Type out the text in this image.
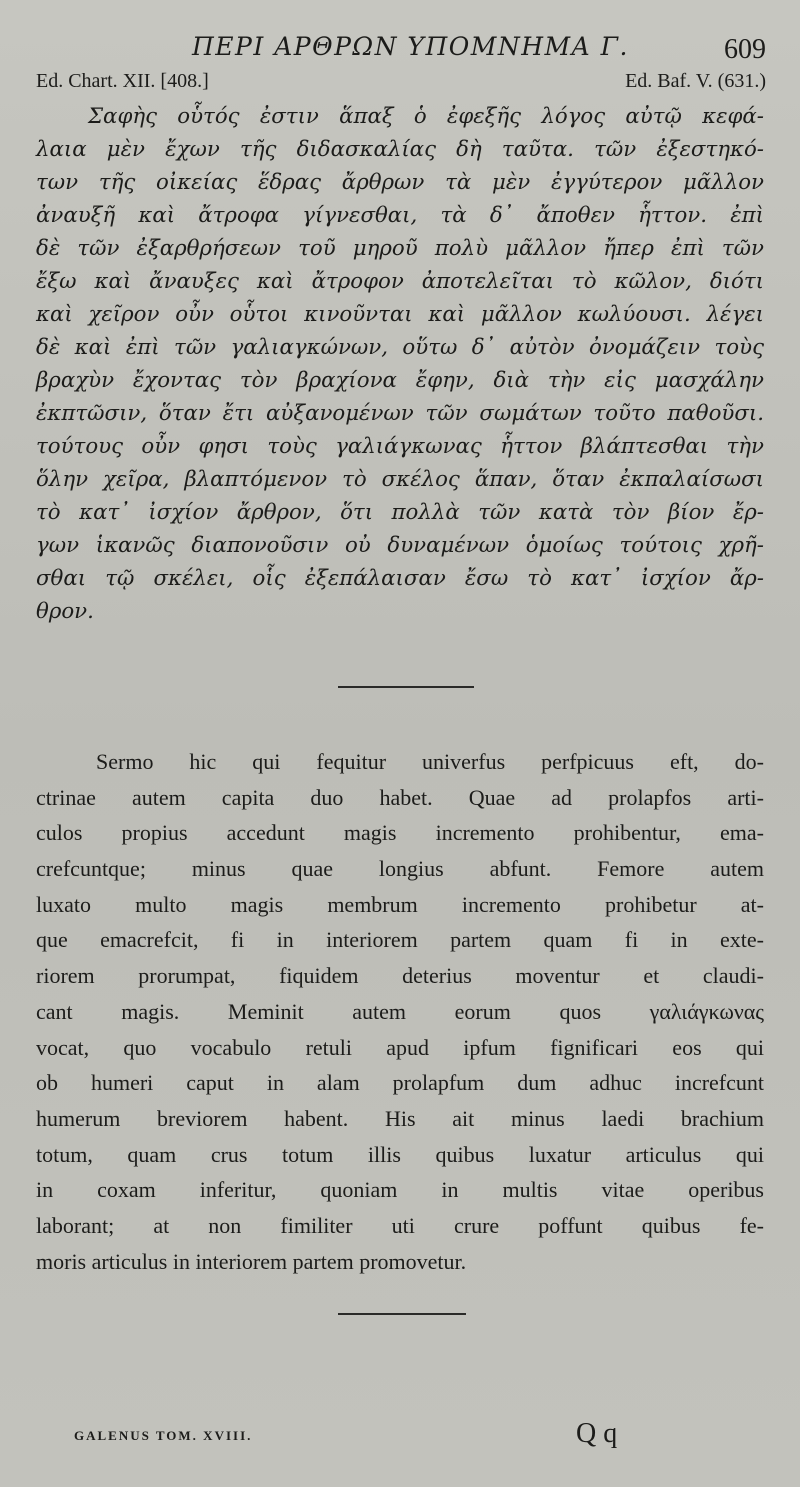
ΠΕΡΙ ΑΡΘΡΩΝ ΥΠΟΜΝΗΜΑ Γ.	609
Ed. Chart. XII. [408.]	Ed. Baf. V. (631.)
Σαφὴς οὗτός ἐστιν ἅπαξ ὁ ἐφεξῆς λόγος αὐτῷ κεφά-
λαια μὲν ἔχων τῆς διδασκαλίας δὴ ταῦτα. τῶν ἐξεστηκό-
των τῆς οἰκείας ἕδρας ἄρθρων τὰ μὲν ἐγγύτερον μᾶλλον
ἀναυξῆ καὶ ἄτροφα γίγνεσθαι, τὰ δ᾽ ἄποθεν ἧττον. ἐπὶ
δὲ τῶν ἐξαρθρήσεων τοῦ μηροῦ πολὺ μᾶλλον ἤπερ ἐπὶ τῶν
ἔξω καὶ ἄναυξες καὶ ἄτροφον ἀποτελεῖται τὸ κῶλον, διότι
καὶ χεῖρον οὖν οὗτοι κινοῦνται καὶ μᾶλλον κωλύουσι. λέγει
δὲ καὶ ἐπὶ τῶν γαλιαγκώνων, οὕτω δ᾽ αὐτὸν ὀνομάζειν τοὺς
βραχὺν ἔχοντας τὸν βραχίονα ἔφην, διὰ τὴν εἰς μασχάλην
ἐκπτῶσιν, ὅταν ἔτι αὐξανομένων τῶν σωμάτων τοῦτο παθοῦσι.
τούτους οὖν φησι τοὺς γαλιάγκωνας ἧττον βλάπτεσθαι τὴν
ὅλην χεῖρα, βλαπτόμενον τὸ σκέλος ἅπαν, ὅταν ἐκπαλαίσωσι
τὸ κατ᾽ ἰσχίον ἄρθρον, ὅτι πολλὰ τῶν κατὰ τὸν βίον ἔρ-
γων ἱκανῶς διαπονοῦσιν οὐ δυναμένων ὁμοίως τούτοις χρῆ-
σθαι τῷ σκέλει, οἷς ἐξεπάλαισαν ἔσω τὸ κατ᾽ ἰσχίον ἄρ-
θρον.
Sermo hic qui fequitur univerfus perfpicuus eft, do-
ctrinae autem capita duo habet. Quae ad prolapfos arti-
culos propius accedunt magis incremento prohibentur, ema-
crefcuntque; minus quae longius abfunt. Femore autem
luxato multo magis membrum incremento prohibetur at-
que emacrefcit, fi in interiorem partem quam fi in exte-
riorem prorumpat, fiquidem deterius moventur et claudi-
cant magis. Meminit autem eorum quos γαλιάγκωνας
vocat, quo vocabulo retuli apud ipfum fignificari eos qui
ob humeri caput in alam prolapfum dum adhuc increfcunt
humerum breviorem habent. His ait minus laedi brachium
totum, quam crus totum illis quibus luxatur articulus qui
in coxam inferitur, quoniam in multis vitae operibus
laborant; at non fimiliter uti crure poffunt quibus fe-
moris articulus in interiorem partem promovetur.
GALENUS TOM. XVIII.	Q q
